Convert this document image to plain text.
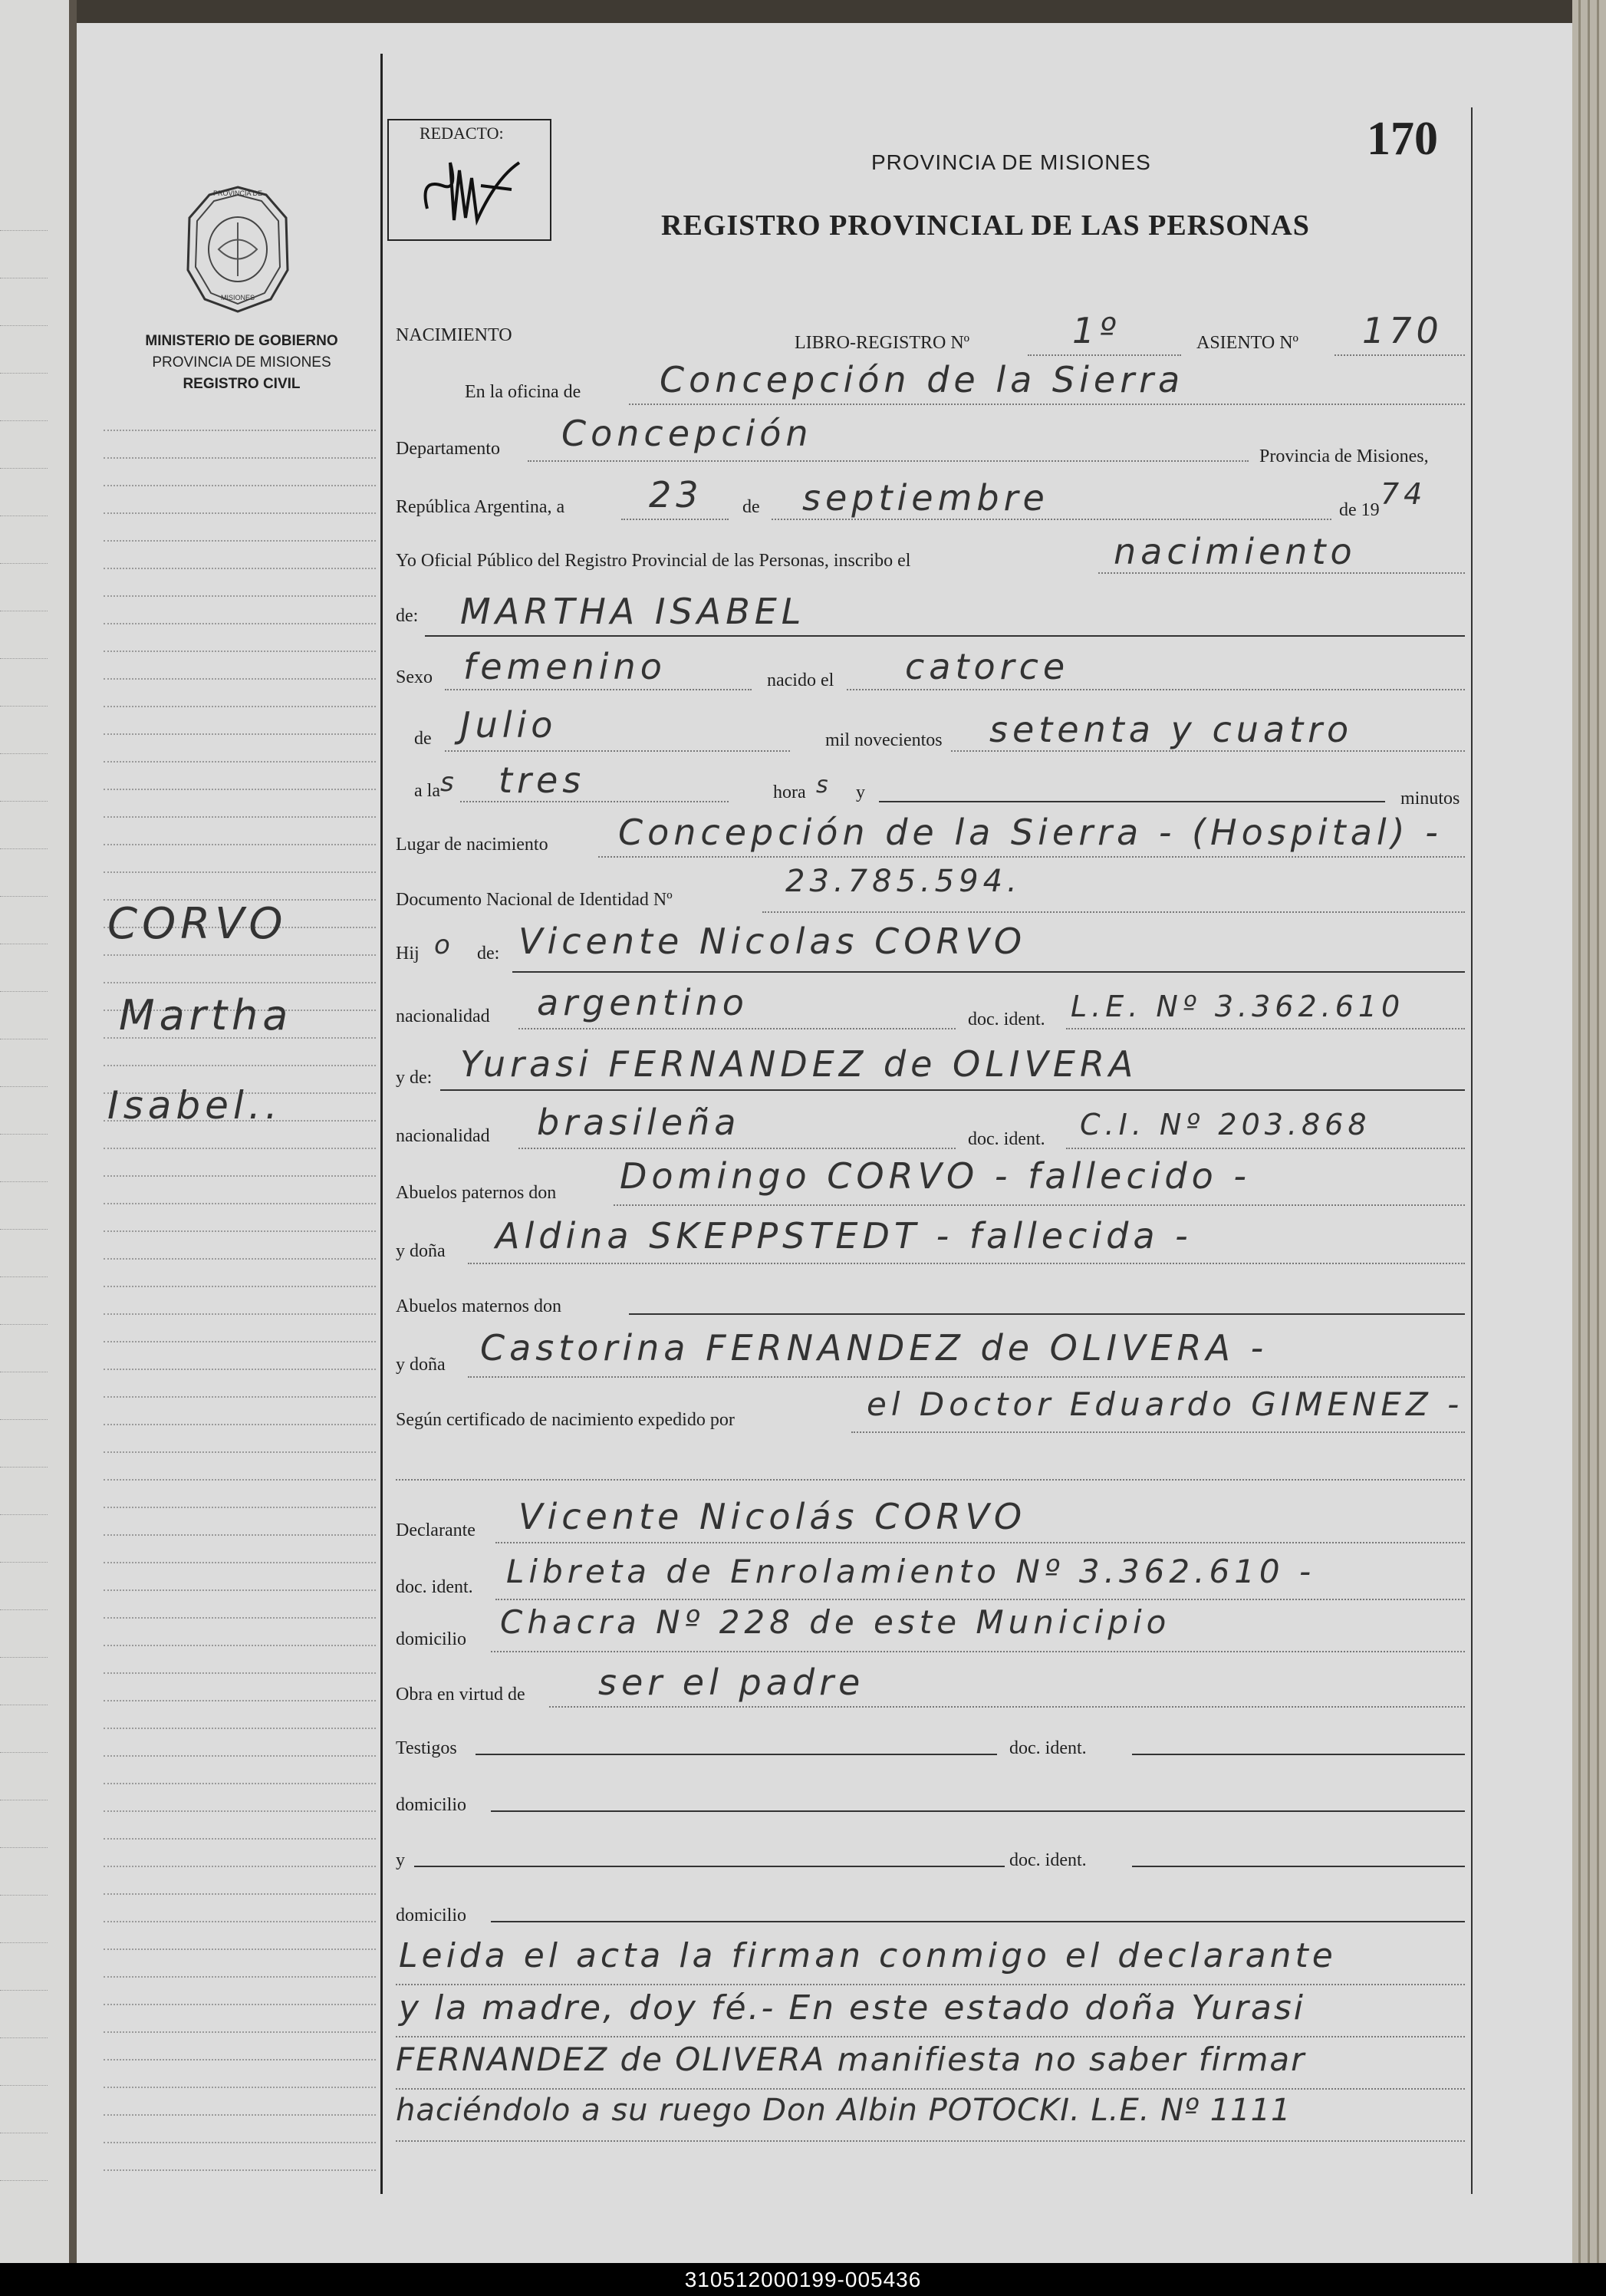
PROVINCIA DE
MISIONES
MINISTERIO DE GOBIERNO
PROVINCIA DE MISIONES
REGISTRO CIVIL
CORVO
Martha
Isabel..
REDACTO:
PROVINCIA DE MISIONES
REGISTRO PROVINCIAL DE LAS PERSONAS
170
NACIMIENTO	LIBRO-REGISTRO Nº	1º	ASIENTO Nº 170
En la oficina de Concepción de la Sierra
Departamento Concepción
Provincia de Misiones,
República Argentina, a 23 de septiembre	de 19 74
Yo Oficial Público del Registro Provincial de las Personas, inscribo el	nacimiento
de: MARTHA ISABEL
Sexo femenino	nacido el catorce
de Julio	mil novecientos setenta y cuatro
a la s tres	hora s y	minutos
Lugar de nacimiento Concepción de la Sierra - (Hospital) -
Documento Nacional de Identidad Nº
23.785.594.
Hij o de: Vicente Nicolas CORVO
nacionalidad argentino	doc. ident. L.E. Nº 3.362.610
y de: Yurasi FERNANDEZ de OLIVERA
nacionalidad brasileña	doc. ident. C.I. Nº 203.868
Abuelos paternos don Domingo CORVO - fallecido -
y doña Aldina SKEPPSTEDT - fallecida -
Abuelos maternos don
y doña Castorina FERNANDEZ de OLIVERA -
Según certificado de nacimiento expedido por	el Doctor Eduardo GIMENEZ -
Declarante Vicente Nicolás CORVO
doc. ident. Libreta de Enrolamiento Nº 3.362.610 -
domicilio Chacra Nº 228 de este Municipio
Obra en virtud de ser el padre
Testigos	doc. ident.
domicilio
y	doc. ident.
domicilio
Leida el acta la firman conmigo el declarante
y la madre, doy fé.- En este estado doña Yurasi
FERNANDEZ de OLIVERA manifiesta no saber firmar
haciéndolo a su ruego Don Albin POTOCKI. L.E. Nº 1111
310512000199-005436
